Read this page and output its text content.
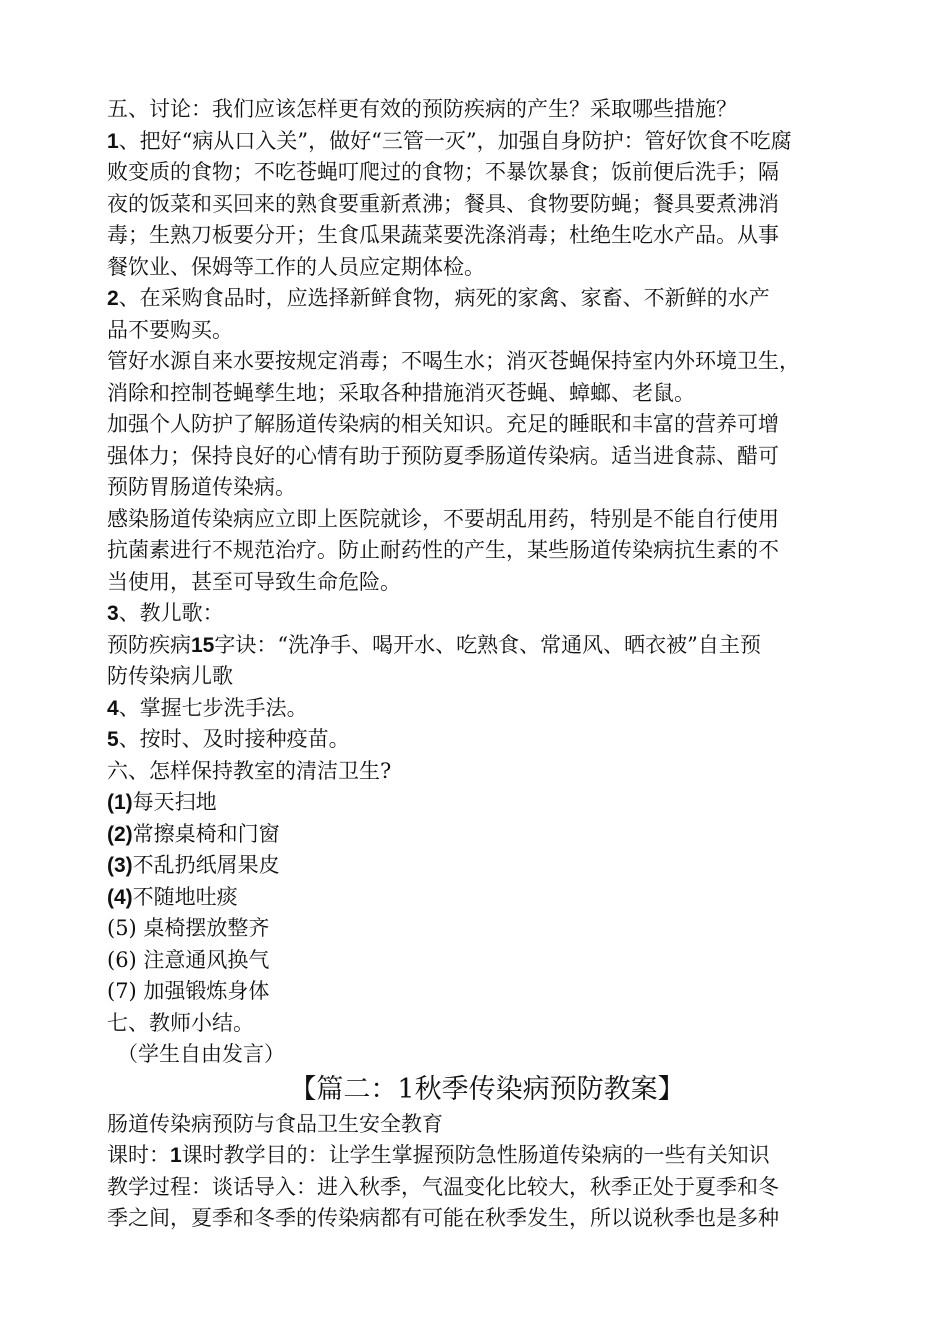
五、讨论：我们应该怎样更有效的预防疾病的产生？采取哪些措施？
1、把好“病从口入关”，做好“三管一灭”，加强自身防护：管好饮食不吃腐
败变质的食物；不吃苍蝇叮爬过的食物；不暴饮暴食；饭前便后洗手；隔
夜的饭菜和买回来的熟食要重新煮沸；餐具、食物要防蝇；餐具要煮沸消
毒；生熟刀板要分开；生食瓜果蔬菜要洗涤消毒；杜绝生吃水产品。从事
餐饮业、保姆等工作的人员应定期体检。
2、在采购食品时，应选择新鲜食物，病死的家禽、家畜、不新鲜的水产
品不要购买。
管好水源自来水要按规定消毒；不喝生水；消灭苍蝇保持室内外环境卫生，
消除和控制苍蝇孳生地；采取各种措施消灭苍蝇、蟑螂、老鼠。
加强个人防护了解肠道传染病的相关知识。充足的睡眠和丰富的营养可增
强体力；保持良好的心情有助于预防夏季肠道传染病。适当进食蒜、醋可
预防胃肠道传染病。
感染肠道传染病应立即上医院就诊，不要胡乱用药，特别是不能自行使用
抗菌素进行不规范治疗。防止耐药性的产生，某些肠道传染病抗生素的不
当使用，甚至可导致生命危险。
3、教儿歌：
预防疾病15字诀：“洗净手、喝开水、吃熟食、常通风、晒衣被”自主预
防传染病儿歌
4、掌握七步洗手法。
5、按时、及时接种疫苗。
六、怎样保持教室的清洁卫生?
(1)每天扫地
(2)常擦桌椅和门窗
(3)不乱扔纸屑果皮
(4)不随地吐痰
(5) 桌椅摆放整齐
(6) 注意通风换气
(7) 加强锻炼身体
七、教师小结。
（学生自由发言）
【篇二：1秋季传染病预防教案】
肠道传染病预防与食品卫生安全教育
课时：1课时教学目的：让学生掌握预防急性肠道传染病的一些有关知识
教学过程：谈话导入：进入秋季，气温变化比较大，秋季正处于夏季和冬
季之间，夏季和冬季的传染病都有可能在秋季发生，所以说秋季也是多种
